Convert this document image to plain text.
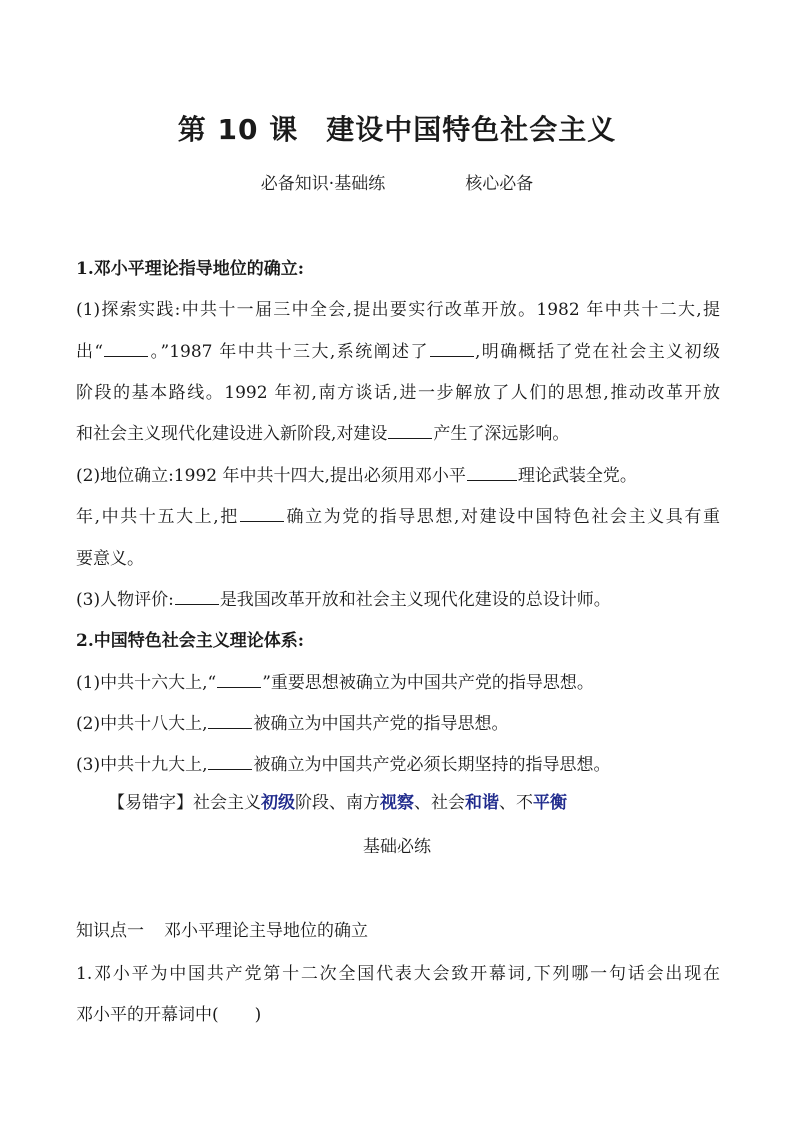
第 10 课 建设中国特色社会主义

必备知识·基础练	核心必备

1.邓小平理论指导地位的确立:

(1)探索实践:中共十一届三中全会,提出要实行改革开放。1982 年中共十二大,提

出“	。”1987 年中共十三大,系统阐述了	,明确概括了党在社会主义初级

阶段的基本路线。1992 年初,南方谈话,进一步解放了人们的思想,推动改革开放

和社会主义现代化建设进入新阶段,对建设	产生了深远影响。

(2)地位确立:1992 年中共十四大,提出必须用邓小平	理论武装全党。

年,中共十五大上,把	确立为党的指导思想,对建设中国特色社会主义具有重

要意义。

(3)人物评价:	是我国改革开放和社会主义现代化建设的总设计师。

2.中国特色社会主义理论体系:

(1)中共十六大上,“	”重要思想被确立为中国共产党的指导思想。

(2)中共十八大上,	被确立为中国共产党的指导思想。

(3)中共十九大上,	被确立为中国共产党必须长期坚持的指导思想。

【易错字】社会主义初级阶段、南方视察、社会和谐、不平衡

基础必练

知识点一 邓小平理论主导地位的确立

1.邓小平为中国共产党第十二次全国代表大会致开幕词,下列哪一句话会出现在

邓小平的开幕词中( )
